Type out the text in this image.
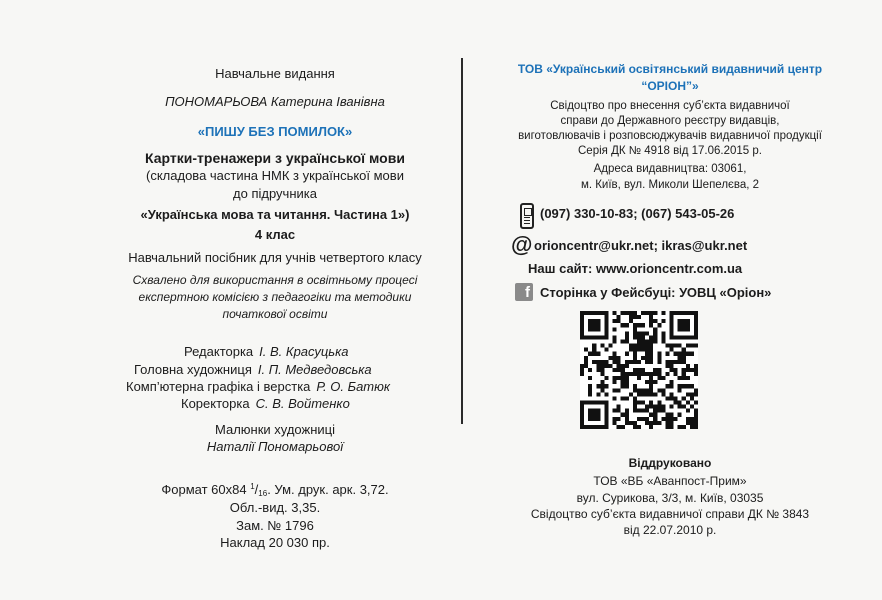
Навчальне видання
ПОНОМАРЬОВА Катерина Іванівна
«ПИШУ БЕЗ ПОМИЛОК»
Картки-тренажери з української мови
(складова частина НМК з української мови
до підручника
«Українська мова та читання. Частина 1»)
4 клас
Навчальний посібник для учнів четвертого класу
Схвалено для використання в освітньому процесі
експертною комісією з педагогіки та методики
початкової освіти
Редакторка І. В. Красуцька
Головна художниця І. П. Медведовська
Комп’ютерна графіка і верстка Р. О. Батюк
Коректорка С. В. Войтенко
Малюнки художниці
Наталії Пономарьової
Формат 60х84 $^1$/16. Ум. друк. арк. 3,72.
Обл.-вид. 3,35.
Зам. № 1796
Наклад 20 030 пр.
ТОВ «Український освітянський видавничий центр
“ОРІОН”»
Свідоцтво про внесення суб’єкта видавничої
справи до Державного реєстру видавців,
виготовлювачів і розповсюджувачів видавничої продукції
Серія ДК № 4918 від 17.06.2015 р.
Адреса видавництва: 03061,
м. Київ, вул. Миколи Шепелєва, 2
(097) 330-10-83; (067) 543-05-26
@ orioncentr@ukr.net; ikras@ukr.net
Наш сайт: www.orioncentr.com.ua
f Сторінка у Фейсбуці: УОВЦ «Оріон»
Віддруковано
ТОВ «ВБ «Аванпост-Прим»
вул. Сурикова, 3/3, м. Київ, 03035
Свідоцтво суб’єкта видавничої справи ДК № 3843
від 22.07.2010 р.
